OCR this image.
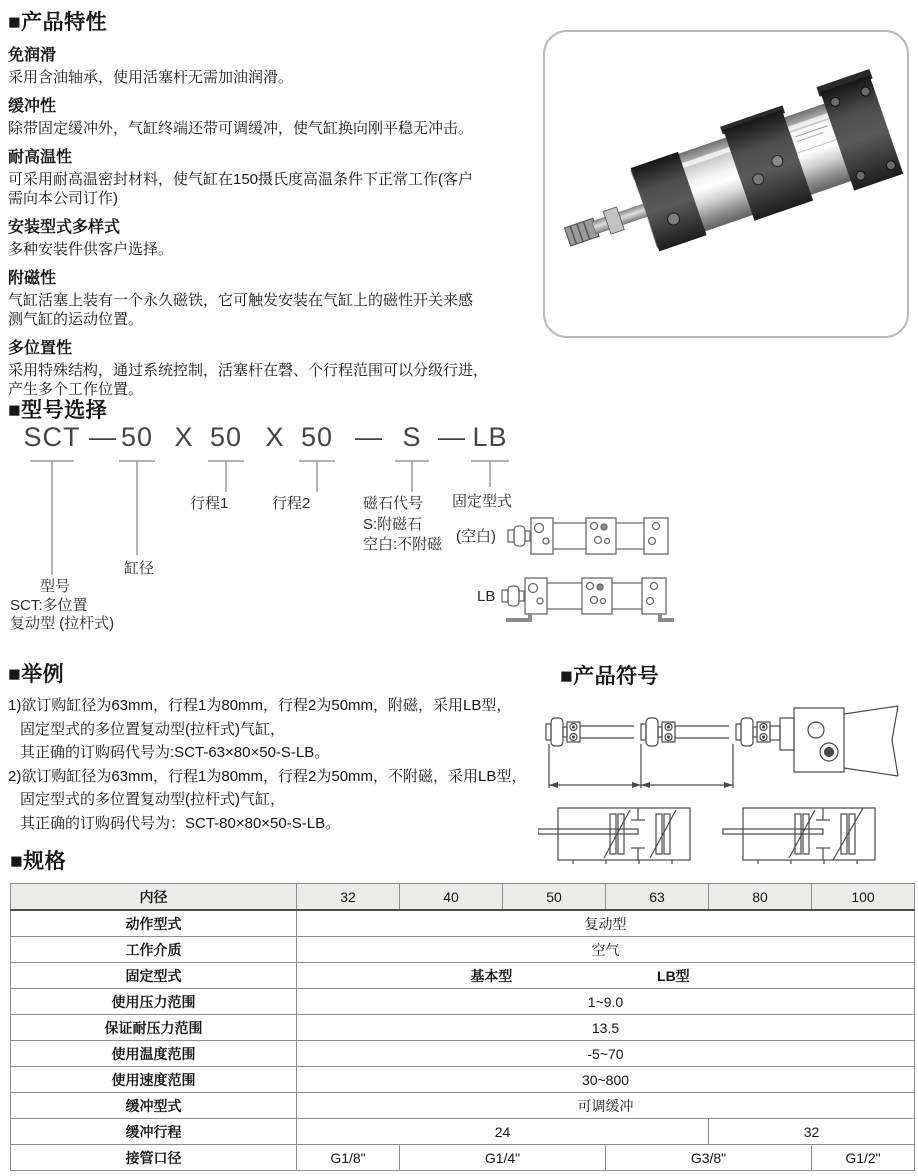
■产品特性
免润滑
采用含油轴承，使用活塞杆无需加油润滑。
缓冲性
除带固定缓冲外，气缸终端还带可调缓冲，使气缸换向刚平稳无冲击。
耐高温性
可采用耐高温密封材料，使气缸在150摄氏度高温条件下正常工作(客户
需向本公司订作)
安装型式多样式
多种安装件供客户选择。
附磁性
气缸活塞上装有一个永久磁铁，它可触发安装在气缸上的磁性开关来感
测气缸的运动位置。
多位置性
采用特殊结构，通过系统控制，活塞杆在磬、个行程范围可以分级行进，
产生多个工作位置。
■型号选择
SCT — 50 X 50 X 50 — S — LB
行程1	行程2	磁石代号
S:附磁石
空白:不附磁
固定型式
缸径
型号
SCT:多位置
复动型 (拉杆式)
(空白)
LB
■举例
1)欲订购缸径为63mm，行程1为80mm，行程2为50mm，附磁，采用LB型，
固定型式的多位置复动型(拉杆式)气缸，
其正确的订购码代号为:SCT-63×80×50-S-LB。
2)欲订购缸径为63mm，行程1为80mm，行程2为50mm，不附磁，采用LB型，
固定型式的多位置复动型(拉杆式)气缸，
其正确的订购码代号为：SCT-80×80×50-S-LB。
■产品符号
■规格
内径	32	40	50	63	80	100
动作型式	复动型					
工作介质	空气					
固定型式	基本型 LB型					

使用压力范围	1~9.0					
保证耐压力范围	13.5					
使用温度范围	-5~70					
使用速度范围	30~800					
缓冲型式	可调缓冲					
缓冲行程	24				32	
接管口径	G1/8"	G1/4"		G3/8"		G1/2"
